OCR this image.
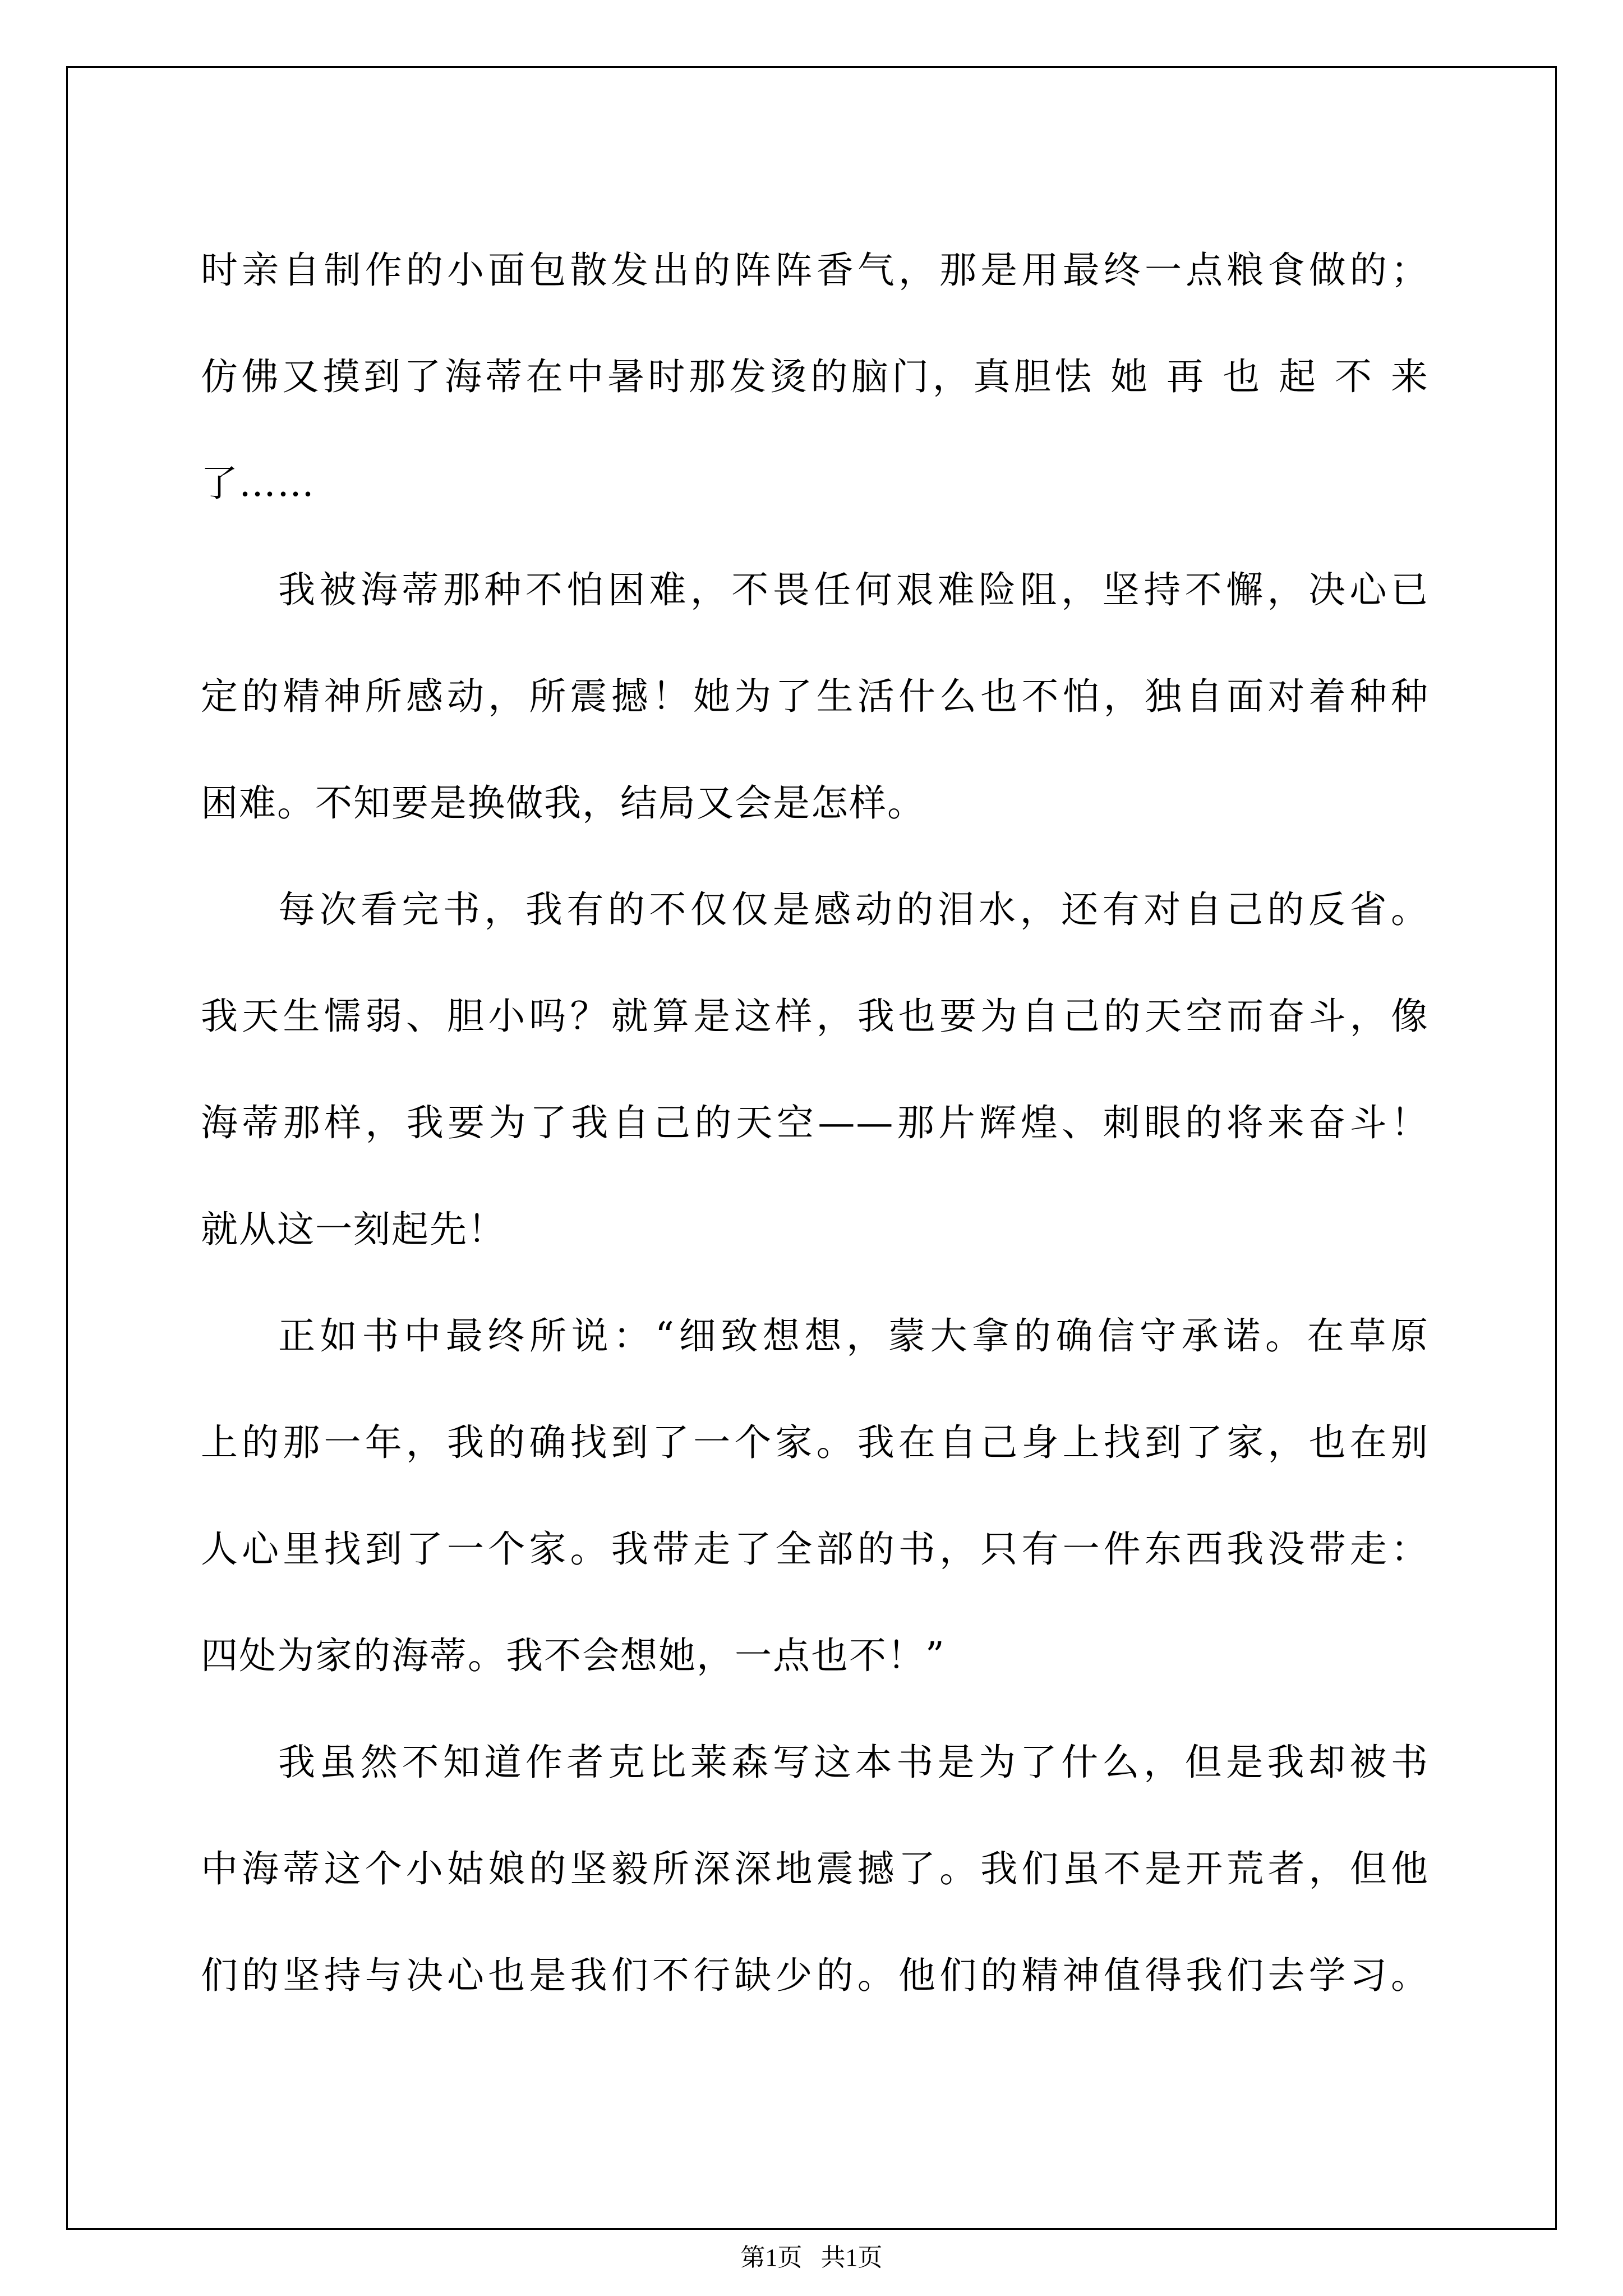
时亲自制作的小面包散发出的阵阵香气，那是用最终一点粮食做的；
仿佛又摸到了海蒂在中暑时那发烫的脑门，真胆怯 她 再 也 起 不 来
了……
我被海蒂那种不怕困难，不畏任何艰难险阻，坚持不懈，决心已
定的精神所感动，所震撼！她为了生活什么也不怕，独自面对着种种
困难。不知要是换做我，结局又会是怎样。
每次看完书，我有的不仅仅是感动的泪水，还有对自己的反省。
我天生懦弱、胆小吗？就算是这样，我也要为自己的天空而奋斗，像
海蒂那样，我要为了我自己的天空——那片辉煌、刺眼的将来奋斗！
就从这一刻起先！
正如书中最终所说：“细致想想，蒙大拿的确信守承诺。在草原
上的那一年，我的确找到了一个家。我在自己身上找到了家，也在别
人心里找到了一个家。我带走了全部的书，只有一件东西我没带走：
四处为家的海蒂。我不会想她，一点也不！”
我虽然不知道作者克比莱森写这本书是为了什么，但是我却被书
中海蒂这个小姑娘的坚毅所深深地震撼了。我们虽不是开荒者，但他
们的坚持与决心也是我们不行缺少的。他们的精神值得我们去学习。
第1页   共1页
